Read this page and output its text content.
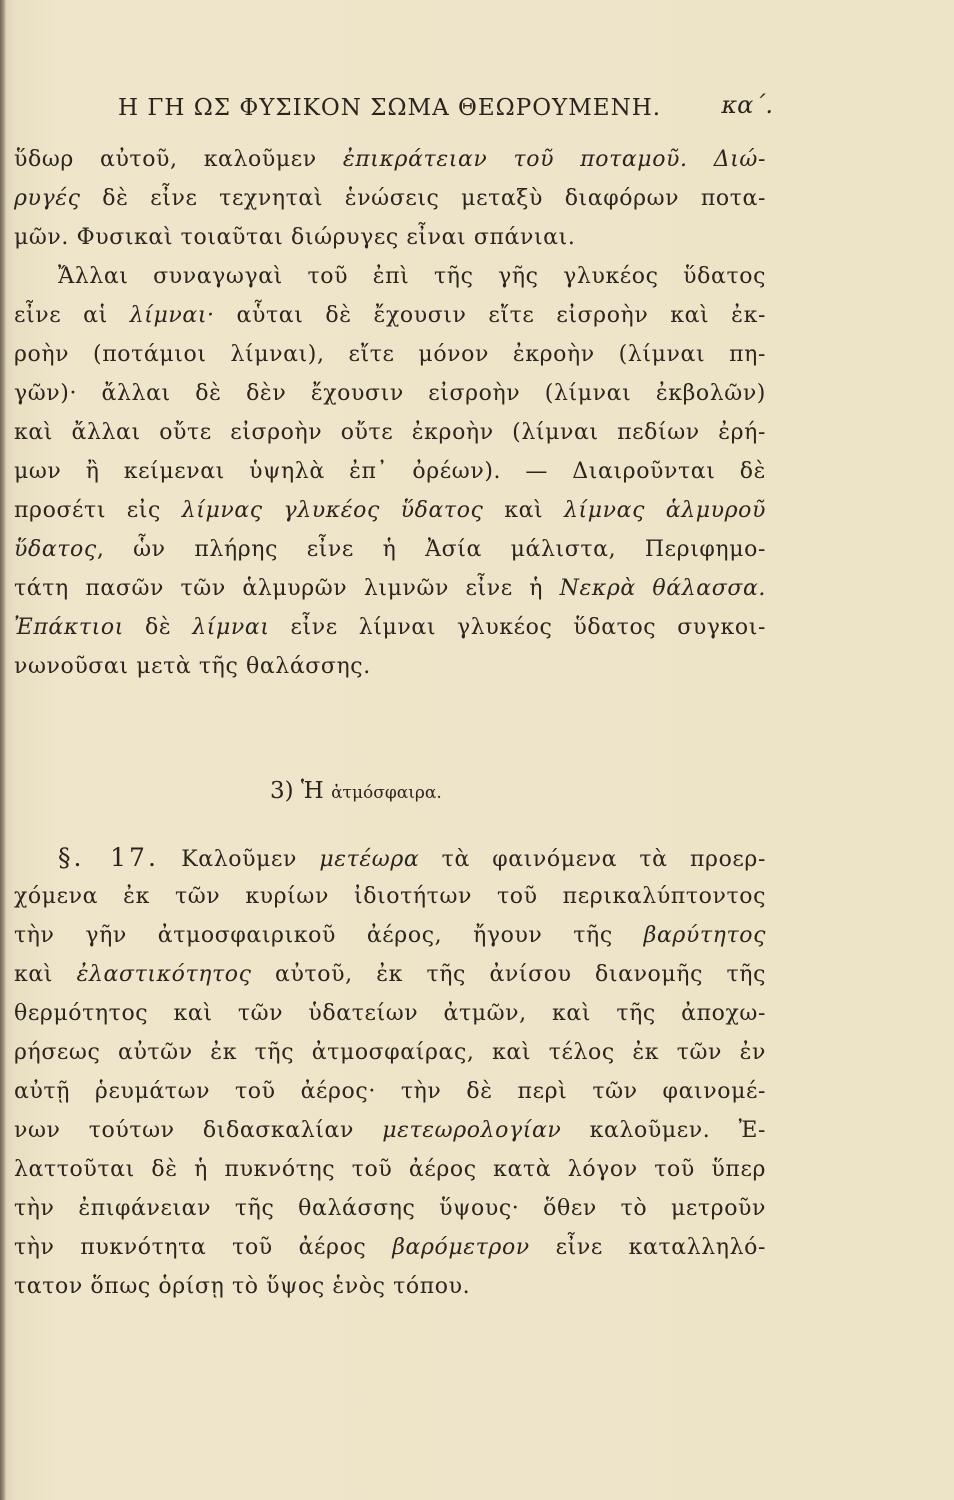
Η ΓΗ ΩΣ ΦΥΣΙΚΟΝ ΣΩΜΑ ΘΕΩΡΟΥΜΕΝΗ.	κα΄.
ὕδωρ αὐτοῦ, καλοῦμεν ἐπικράτειαν τοῦ ποταμοῦ. Διώ-
ρυγές δὲ εἶνε τεχνηταὶ ἑνώσεις μεταξὺ διαφόρων ποτα-
μῶν. Φυσικαὶ τοιαῦται διώρυγες εἶναι σπάνιαι.
Ἄλλαι συναγωγαὶ τοῦ ἐπὶ τῆς γῆς γλυκέος ὕδατος
εἶνε αἱ λίμναι· αὗται δὲ ἔχουσιν εἴτε εἰσροὴν καὶ ἐκ-
ροὴν (ποτάμιοι λίμναι), εἴτε μόνον ἐκροὴν (λίμναι πη-
γῶν)· ἄλλαι δὲ δὲν ἔχουσιν εἰσροὴν (λίμναι ἐκβολῶν)
καὶ ἄλλαι οὔτε εἰσροὴν οὔτε ἐκροὴν (λίμναι πεδίων ἐρή-
μων ἢ κείμεναι ὑψηλὰ ἐπ᾽ ὀρέων). — Διαιροῦνται δὲ
προσέτι εἰς λίμνας γλυκέος ὕδατος καὶ λίμνας ἁλμυροῦ
ὕδατος, ὧν πλήρης εἶνε ἡ Ἀσία μάλιστα, Περιφημο-
τάτη πασῶν τῶν ἁλμυρῶν λιμνῶν εἶνε ἡ Νεκρὰ θάλασσα.
Ἐπάκτιοι δὲ λίμναι εἶνε λίμναι γλυκέος ὕδατος συγκοι-
νωνοῦσαι μετὰ τῆς θαλάσσης.
3) Ἡ ἀτμόσφαιρα.
§. 17. Καλοῦμεν μετέωρα τὰ φαινόμενα τὰ προερ-
χόμενα ἐκ τῶν κυρίων ἰδιοτήτων τοῦ περικαλύπτοντος
τὴν γῆν ἀτμοσφαιρικοῦ ἀέρος, ἤγουν τῆς βαρύτητος
καὶ ἐλαστικότητος αὐτοῦ, ἐκ τῆς ἀνίσου διανομῆς τῆς
θερμότητος καὶ τῶν ὑδατείων ἀτμῶν, καὶ τῆς ἀποχω-
ρήσεως αὐτῶν ἐκ τῆς ἀτμοσφαίρας, καὶ τέλος ἐκ τῶν ἐν
αὐτῇ ῥευμάτων τοῦ ἀέρος· τὴν δὲ περὶ τῶν φαινομέ-
νων τούτων διδασκαλίαν μετεωρολογίαν καλοῦμεν. Ἐ-
λαττοῦται δὲ ἡ πυκνότης τοῦ ἀέρος κατὰ λόγον τοῦ ὕπερ
τὴν ἐπιφάνειαν τῆς θαλάσσης ὕψους· ὅθεν τὸ μετροῦν
τὴν πυκνότητα τοῦ ἀέρος βαρόμετρον εἶνε καταλληλό-
τατον ὅπως ὁρίσῃ τὸ ὕψος ἑνὸς τόπου.
